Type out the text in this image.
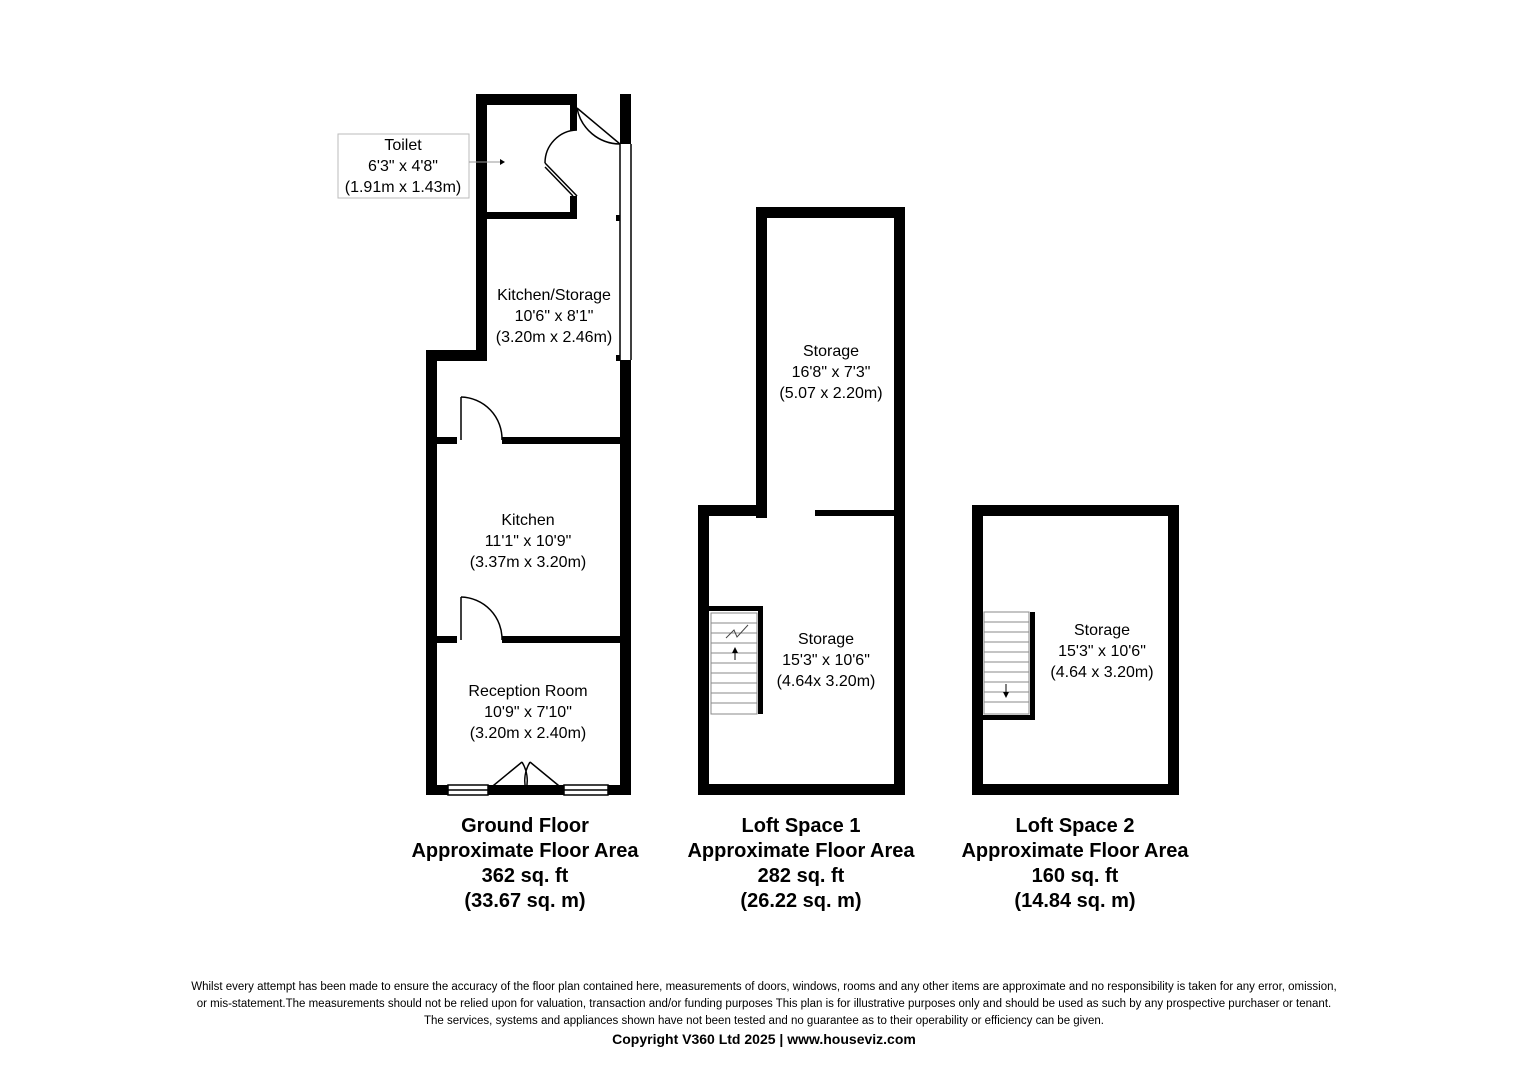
Toilet
6'3" x 4'8"
(1.91m x 1.43m)
Kitchen/Storage
10'6" x 8'1"
(3.20m x 2.46m)
Kitchen
11'1" x 10'9"
(3.37m x 3.20m)
Reception Room
10'9" x 7'10"
(3.20m x 2.40m)
Storage
16'8" x 7'3"
(5.07 x 2.20m)
Storage
15'3" x 10'6"
(4.64x 3.20m)
Storage
15'3" x 10'6"
(4.64 x 3.20m)
Ground Floor
Approximate Floor Area
362 sq. ft
(33.67 sq. m)
Loft Space 1
Approximate Floor Area
282 sq. ft
(26.22 sq. m)
Loft Space 2
Approximate Floor Area
160 sq. ft
(14.84 sq. m)
Whilst every attempt has been made to ensure the accuracy of the floor plan contained here, measurements of doors, windows, rooms and any other items are approximate and no responsibility is taken for any error, omission,
or mis-statement.The measurements should not be relied upon for valuation, transaction and/or funding purposes This plan is for illustrative purposes only and should be used as such by any prospective purchaser or tenant.
The services, systems and appliances shown have not been tested and no guarantee as to their operability or efficiency can be given.
Copyright V360 Ltd 2025 | www.houseviz.com
